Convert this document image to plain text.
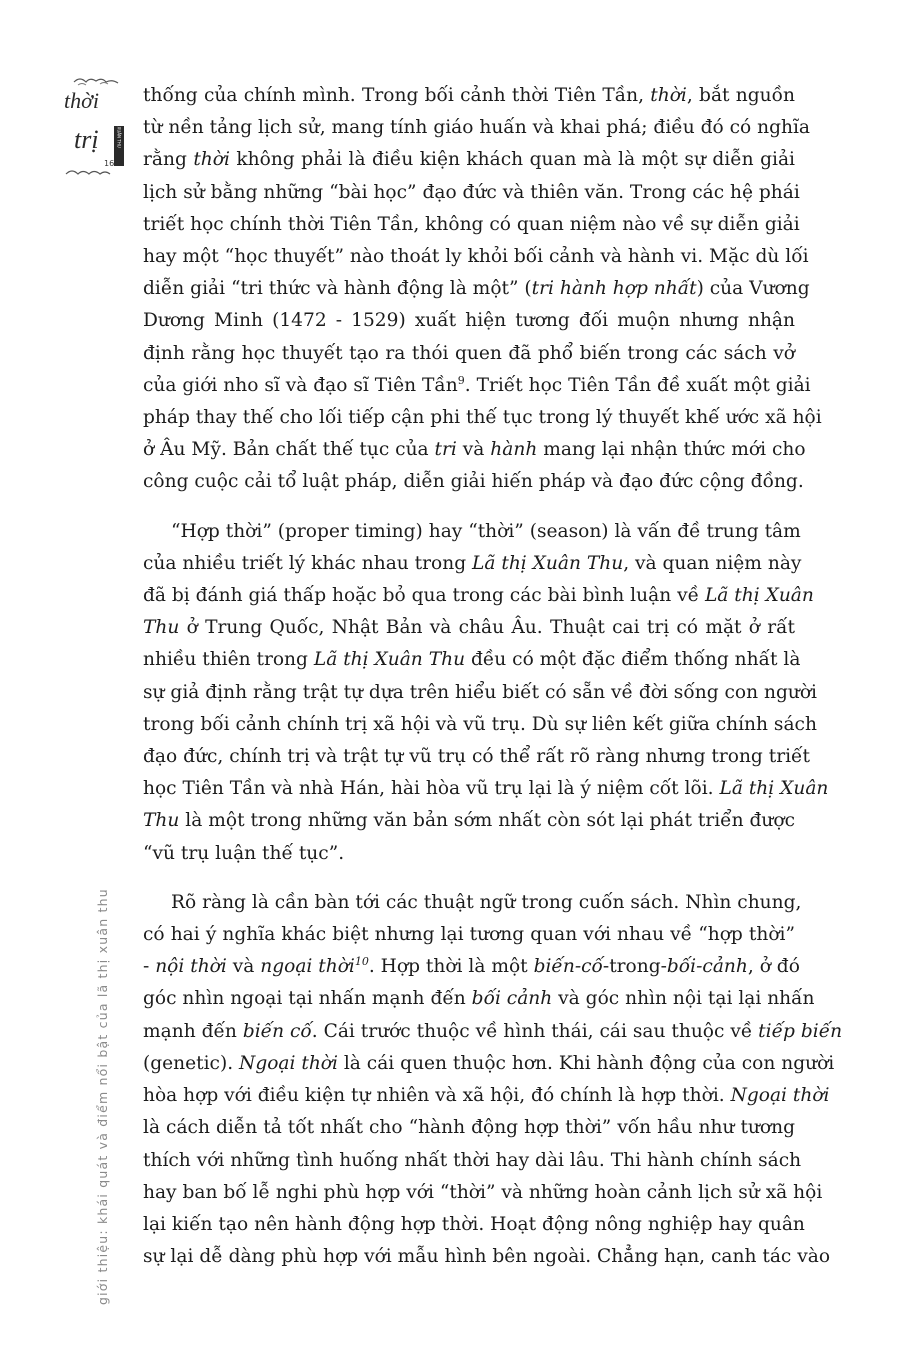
thời
LÃ THỊ XUÂN THU
trị
16
giới thiệu: khái quát và điểm nổi bật của lã thị xuân thu
thống của chính mình. Trong bối cảnh thời Tiên Tần, thời, bắt nguồn
từ nền tảng lịch sử, mang tính giáo huấn và khai phá; điều đó có nghĩa
rằng thời không phải là điều kiện khách quan mà là một sự diễn giải
lịch sử bằng những “bài học” đạo đức và thiên văn. Trong các hệ phái
triết học chính thời Tiên Tần, không có quan niệm nào về sự diễn giải
hay một “học thuyết” nào thoát ly khỏi bối cảnh và hành vi. Mặc dù lối
diễn giải “tri thức và hành động là một” (tri hành hợp nhất) của Vương
Dương Minh (1472 - 1529) xuất hiện tương đối muộn nhưng nhận
định rằng học thuyết tạo ra thói quen đã phổ biến trong các sách vở
của giới nho sĩ và đạo sĩ Tiên Tần$^9$. Triết học Tiên Tần đề xuất một giải
pháp thay thế cho lối tiếp cận phi thế tục trong lý thuyết khế ước xã hội
ở Âu Mỹ. Bản chất thế tục của tri và hành mang lại nhận thức mới cho
công cuộc cải tổ luật pháp, diễn giải hiến pháp và đạo đức cộng đồng.
“Hợp thời” (proper timing) hay “thời” (season) là vấn đề trung tâm
của nhiều triết lý khác nhau trong Lã thị Xuân Thu, và quan niệm này
đã bị đánh giá thấp hoặc bỏ qua trong các bài bình luận về Lã thị Xuân
Thu ở Trung Quốc, Nhật Bản và châu Âu. Thuật cai trị có mặt ở rất
nhiều thiên trong Lã thị Xuân Thu đều có một đặc điểm thống nhất là
sự giả định rằng trật tự dựa trên hiểu biết có sẵn về đời sống con người
trong bối cảnh chính trị xã hội và vũ trụ. Dù sự liên kết giữa chính sách
đạo đức, chính trị và trật tự vũ trụ có thể rất rõ ràng nhưng trong triết
học Tiên Tần và nhà Hán, hài hòa vũ trụ lại là ý niệm cốt lõi. Lã thị Xuân
Thu là một trong những văn bản sớm nhất còn sót lại phát triển được
“vũ trụ luận thế tục”.
Rõ ràng là cần bàn tới các thuật ngữ trong cuốn sách. Nhìn chung,
có hai ý nghĩa khác biệt nhưng lại tương quan với nhau về “hợp thời”
- nội thời và ngoại thời$^{10}$. Hợp thời là một biến-cố-trong-bối-cảnh, ở đó
góc nhìn ngoại tại nhấn mạnh đến bối cảnh và góc nhìn nội tại lại nhấn
mạnh đến biến cố. Cái trước thuộc về hình thái, cái sau thuộc về tiếp biến
(genetic). Ngoại thời là cái quen thuộc hơn. Khi hành động của con người
hòa hợp với điều kiện tự nhiên và xã hội, đó chính là hợp thời. Ngoại thời
là cách diễn tả tốt nhất cho “hành động hợp thời” vốn hầu như tương
thích với những tình huống nhất thời hay dài lâu. Thi hành chính sách
hay ban bố lễ nghi phù hợp với “thời” và những hoàn cảnh lịch sử xã hội
lại kiến tạo nên hành động hợp thời. Hoạt động nông nghiệp hay quân
sự lại dễ dàng phù hợp với mẫu hình bên ngoài. Chẳng hạn, canh tác vào
